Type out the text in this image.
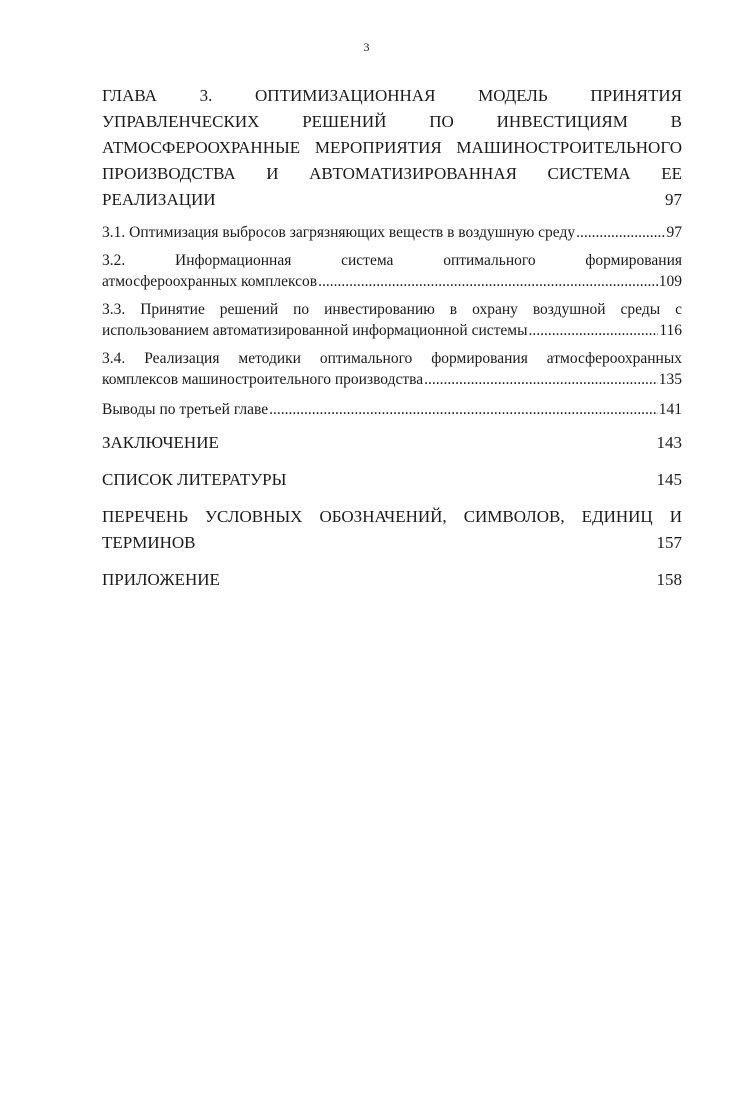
3
ГЛАВА 3. ОПТИМИЗАЦИОННАЯ МОДЕЛЬ ПРИНЯТИЯ
УПРАВЛЕНЧЕСКИХ РЕШЕНИЙ ПО ИНВЕСТИЦИЯМ В
АТМОСФЕРООХРАННЫЕ МЕРОПРИЯТИЯ МАШИНОСТРОИТЕЛЬНОГО
ПРОИЗВОДСТВА И АВТОМАТИЗИРОВАННАЯ СИСТЕМА ЕЕ
РЕАЛИЗАЦИИ	97
3.1. Оптимизация выбросов загрязняющих веществ в воздушную среду .....	97
3.2. Информационная система оптимального формирования
атмосфероохранных комплексов .....	109
3.3. Принятие решений по инвестированию в охрану воздушной среды с
использованием автоматизированной информационной системы .....	116
3.4. Реализация методики оптимального формирования атмосфероохранных
комплексов машиностроительного производства .....	135
Выводы по третьей главе .....	141
ЗАКЛЮЧЕНИЕ	143
СПИСОК ЛИТЕРАТУРЫ	145
ПЕРЕЧЕНЬ УСЛОВНЫХ ОБОЗНАЧЕНИЙ, СИМВОЛОВ, ЕДИНИЦ И
ТЕРМИНОВ	157
ПРИЛОЖЕНИЕ	158
